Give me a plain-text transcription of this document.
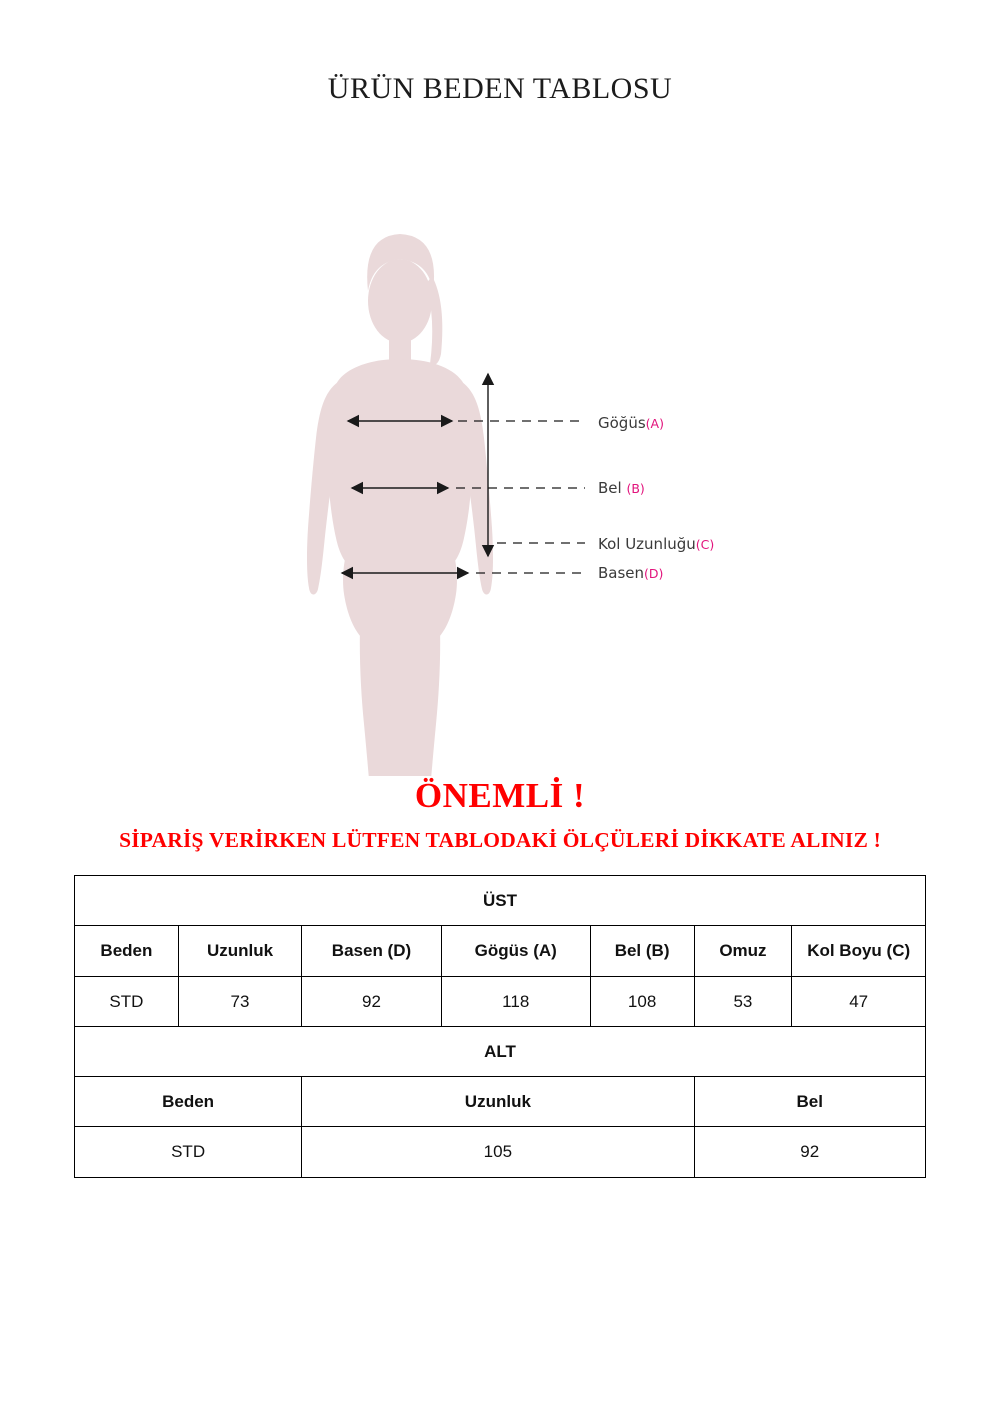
ÜRÜN BEDEN TABLOSU
Göğüs(A)
Bel (B)
Kol Uzunluğu(C)
Basen(D)

ÖNEMLİ !

SİPARİŞ VERİRKEN LÜTFEN TABLODAKİ ÖLÇÜLERİ DİKKATE ALINIZ !

ÜST						
Beden	Uzunluk	Basen (D)	Gögüs (A)	Bel (B)	Omuz	Kol Boyu (C)
STD	73	92	118	108	53	47
ALT						
Beden		Uzunluk			Bel	
STD		105			92	
